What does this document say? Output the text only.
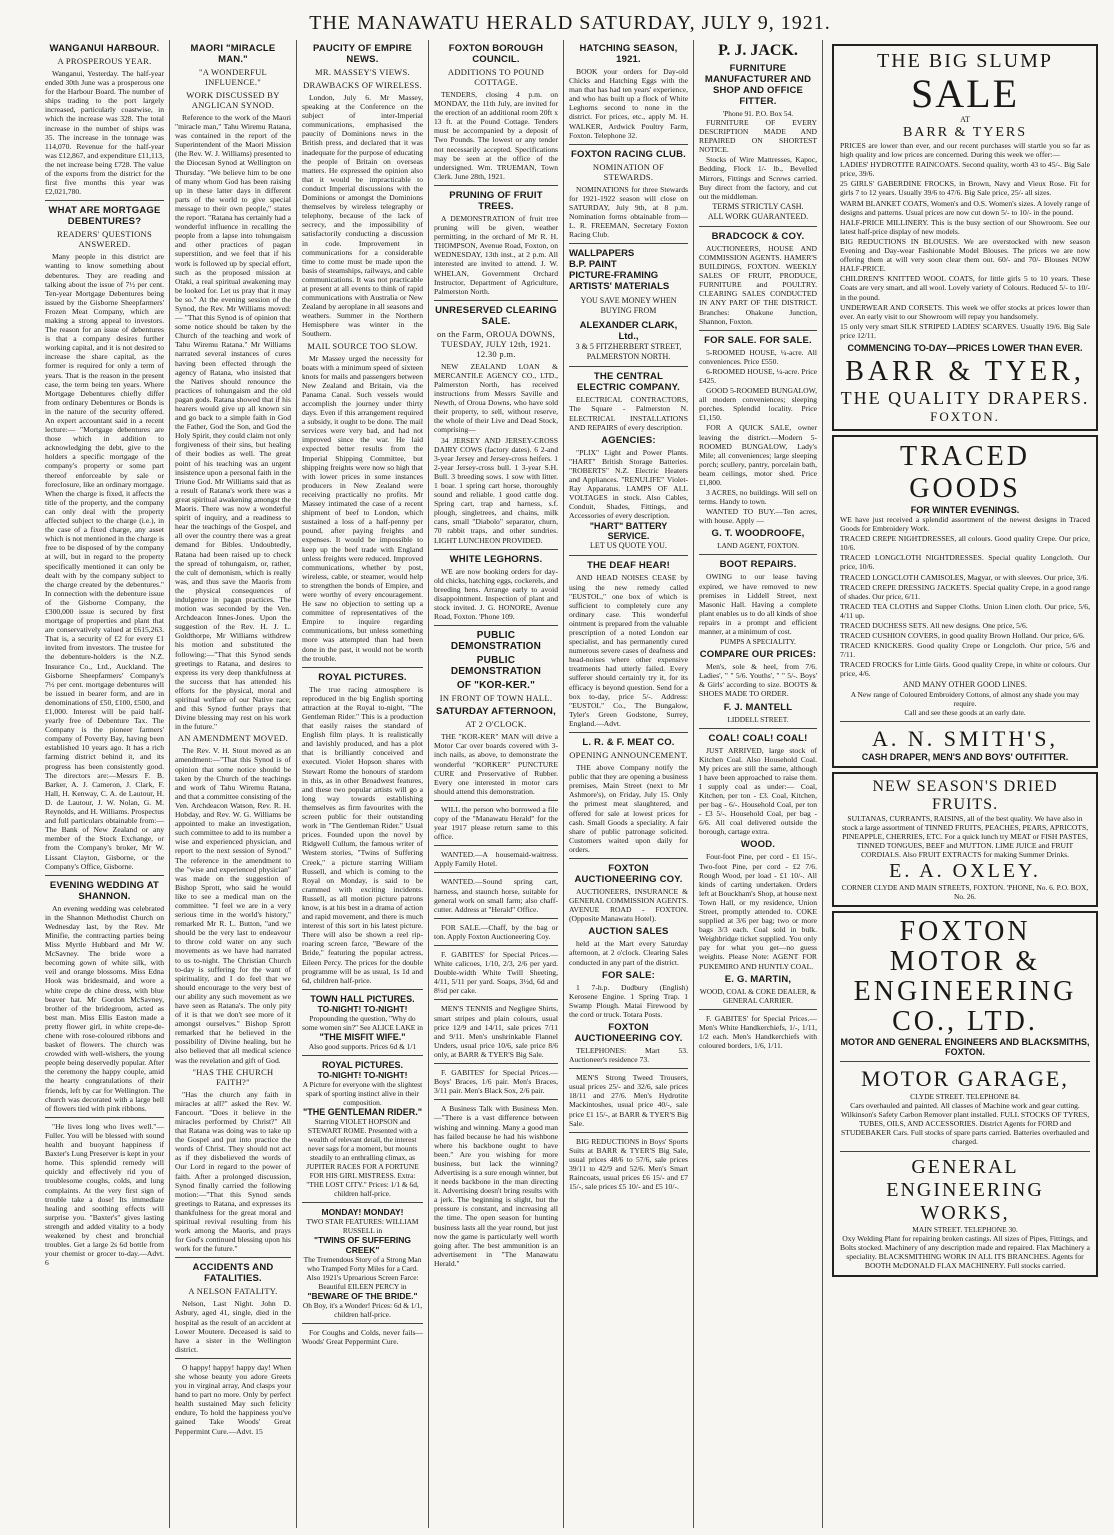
THE MANAWATU HERALD SATURDAY, JULY 9, 1921.
WANGANUI HARBOUR.
A PROSPEROUS YEAR.

Wanganui, Yesterday. The half-year ended 30th June was a prosperous one for the Harbour Board. The number of ships trading to the port largely increased, particularly coastwise, in which the increase was 328. The total increase in the number of ships was 35. The increase in the tonnage was 114,070. Revenue for the half-year was £12,867, and expenditure £11,113, the net increase being £728. The value of the exports from the district for the first five months this year was £2,021,780.

WHAT ARE MORTGAGE DEBENTURES?
READERS' QUESTIONS ANSWERED.

Many people in this district are wanting to know something about debentures. They are reading and talking about the issue of 7½ per cent. Ten-year Mortgage Debentures being issued by the Gisborne Sheepfarmers' Frozen Meat Company, which are making a strong appeal to investors. The reason for an issue of debentures is that a company desires further working capital, and it is not desired to increase the share capital, as the former is required for only a term of years. That is the reason in the present case, the term being ten years. Where Mortgage Debentures chiefly differ from ordinary Debentures or Bonds is in the nature of the security offered. An expert accountant said in a recent lecture:— "Mortgage debentures are those which in addition to acknowledging the debt, give to the holders a specific mortgage of the company's property or some part thereof enforceable by sale or foreclosure, like an ordinary mortgage. When the charge is fixed, it affects the title of the property, and the company can only deal with the property affected subject to the charge (i.e.), in the case of a fixed charge, any asset which is not mentioned in the charge is free to be disposed of by the company at will, but in regard to the property specifically mentioned it can only be dealt with by the company subject to the charge created by the debentures." In connection with the debenture issue of the Gisborne Company, the £300,000 issue is secured by first mortgage of properties and plant that are conservatively valued at £615,263. That is, a security of £2 for every £1 invited from investors. The trustee for the debenture-holders is the N.Z. Insurance Co., Ltd., Auckland. The Gisborne Sheepfarmers' Company's 7½ per cent. mortgage debentures will be issued in bearer form, and are in denominations of £50, £100, £500, and £1,000. Interest will be paid half-yearly free of Debenture Tax. The Company is the pioneer farmers' company of Poverty Bay, having been established 10 years ago. It has a rich farming district behind it, and its progress has been consistently good. The directors are:—Messrs F. B. Barker, A. J. Cameron, J. Clark, F. Hall, H. Kenway, C. A. de Lautour, H. D. de Lautour, J. W. Nolan, G. M. Reynolds, and H. Williams. Prospectus and full particulars obtainable from:—The Bank of New Zealand or any member of the Stock Exchange, or from the Company's broker, Mr W. Lissant Clayton, Gisborne, or the Company's Office, Gisborne.

EVENING WEDDING AT SHANNON.

An evening wedding was celebrated in the Shannon Methodist Church on Wednesday last, by the Rev. Mr Minifie, the contracting parties being Miss Myrtle Hubbard and Mr W. McSavney. The bride wore a becoming gown of white silk, with veil and orange blossoms. Miss Edna Hook was bridesmaid, and wore a white crepe de chine dress, with blue beaver hat. Mr Gordon McSavney, brother of the bridegroom, acted as best man. Miss Ellis Easton made a pretty flower girl, in white crepe-de-chene with rose-coloured ribbons and basket of flowers. The church was crowded with well-wishers, the young people being deservedly popular. After the ceremony the happy couple, amid the hearty congratulations of their friends, left by car for Wellington. The church was decorated with a large bell of flowers tied with pink ribbons.

"He lives long who lives well."—Fuller. You will be blessed with sound health and buoyant happiness if Baxter's Lung Preserver is kept in your home. This splendid remedy will quickly and effectively rid you of troublesome coughs, colds, and lung complaints. At the very first sign of trouble take a dose! Its immediate healing and soothing effects will surprise you. "Baxter's" gives lasting strength and added vitality to a body weakened by chest and bronchial troubles. Get a large 2s 6d bottle from your chemist or grocer to-day.—Advt. 6

MAORI "MIRACLE MAN."
"A WONDERFUL INFLUENCE."
WORK DISCUSSED BY ANGLICAN SYNOD.

Reference to the work of the Maori "miracle man," Tahu Wiremu Ratana, was contained in the report of the Superintendent of the Maori Mission (the Rev. W. J. Williams) presented to the Diocesan Synod at Wellington on Thursday. "We believe him to be one of many whom God has been raising up in these latter days in different parts of the world to give special message to their own people," states the report. "Ratana has certainly had a wonderful influence in recalling the people from a lapse into tohungaism and other practices of pagan superstition, and we feel that if his work is followed up by special effort, such as the proposed mission at Otaki, a real spiritual awakening may be looked for. Let us pray that it may be so." At the evening session of the Synod, the Rev. Mr Williams moved:— "That this Synod is of opinion that some notice should be taken by the Church of the teaching and work of Tahu Wiremu Ratana." Mr Williams narrated several instances of cures having been effected through the agency of Ratana, who insisted that the Natives should renounce the practices of tohungaism and the old pagan gods. Ratana showed that if his hearers would give up all known sin and go back to a simple faith in God the Father, God the Son, and God the Holy Spirit, they could claim not only forgiveness of their sins, but healing of their bodies as well. The great point of his teaching was an urgent insistence upon a personal faith in the Triune God. Mr Williams said that as a result of Ratana's work there was a great spiritual awakening amongst the Maoris. There was now a wonderful spirit of inquiry, and a readiness to hear the teachings of the Gospel, and all over the country there was a great demand for Bibles. Undoubtedly, Ratana had been raised up to check the spread of tohungaism, or, rather, the cult of demonism, which is really was, and thus save the Maoris from the physical consequences of indulgence in pagan practices. The motion was seconded by the Ven. Archdeacon Innes-Jones. Upon the suggestion of the Rev. H. J. L. Goldthorpe, Mr Williams withdrew his motion and substituted the following:—"That this Synod sends greetings to Ratana, and desires to express its very deep thankfulness at the success that has attended his efforts for the physical, moral and spiritual welfare of our Native race; and this Synod further prays that Divine blessing may rest on his work in the future."

AN AMENDMENT MOVED.

The Rev. V. H. Stout moved as an amendment:—"That this Synod is of opinion that some notice should be taken by the Church of the teachings and work of Tahu Wiremu Ratana, and that a committee consisting of the Ven. Archdeacon Watson, Rev. R. H. Hobday, and Rev. W. G. Williams be appointed to make an investigation, such committee to add to its number a wise and experienced physician, and report to the next session of Synod." The reference in the amendment to the "wise and experienced physician" was made on the suggestion of Bishop Sprott, who said he would like to see a medical man on the committee. "I feel we are in a very serious time in the world's history," remarked Mr R. L. Button, "and we should be the very last to endeavour to throw cold water on any such movements as we have had narrated to us to-night. The Christian Church to-day is suffering for the want of spirituality, and I do feel that we should encourage to the very best of our ability any such movement as we have seen as Ratana's. The only pity of it is that we don't see more of it amongst ourselves." Bishop Sprott remarked that he believed in the possibility of Divine healing, but he also believed that all medical science was the revelation and gift of God.

"HAS THE CHURCH FAITH?"

"Has the church any faith in miracles at all?" asked the Rev. W. Fancourt. "Does it believe in the miracles performed by Christ?" All that Ratana was doing was to take up the Gospel and put into practice the words of Christ. They should not act as if they disbelieved the words of Our Lord in regard to the power of faith. After a prolonged discussion, Synod finally carried the following motion:—"That this Synod sends greetings to Ratana, and expresses its thankfulness for the great moral and spiritual revival resulting from his work among the Maoris, and prays for God's continued blessing upon his work for the future."

ACCIDENTS AND FATALITIES.
A NELSON FATALITY.

Nelson, Last Night. John D. Asbury, aged 41, single, died in the hospital as the result of an accident at Lower Moutere. Deceased is said to have a sister in the Wellington district.

O happy! happy! happy day! When she whose beauty you adore Greets you in virginal array, And clasps your hand to part no more. Only by perfect health sustained May such felicity endure, To hold the happiness you've gained Take Woods' Great Peppermint Cure.—Advt. 15

PAUCITY OF EMPIRE NEWS.
MR. MASSEY'S VIEWS.
DRAWBACKS OF WIRELESS.

London, July 6. Mr Massey, speaking at the Conference on the subject of inter-Imperial communications, emphasised the paucity of Dominions news in the British press, and declared that it was inadequate for the purpose of educating the people of Britain on overseas matters. He expressed the opinion also that it would be impracticable to conduct Imperial discussions with the Dominions or amongst the Dominions themselves by wireless telegraphy or telephony, because of the lack of secrecy, and the impossibility of satisfactorily conducting a discussion in code. Improvement in communications for a considerable time to come must be made upon the basis of steamships, railways, and cable communications. It was not practicable at present at all events to think of rapid communications with Australia or New Zealand by aeroplane in all seasons and weathers. Summer in the Northern Hemisphere was winter in the Southern.

MAIL SOURCE TOO SLOW.

Mr Massey urged the necessity for boats with a minimum speed of sixteen knots for mails and passengers between New Zealand and Britain, via the Panama Canal. Such vessels would accomplish the journey under thirty days. Even if this arrangement required a subsidy, it ought to be done. The mail services were very bad, and had not improved since the war. He laid expected better results from the Imperial Shipping Committee, but shipping freights were now so high that with lower prices in some instances producers in New Zealand were receiving practically no profits. Mr Massey intimated the case of a recent shipment of beef to London, which sustained a loss of a half-penny per pound, after paying freights and expenses. It would be impossible to keep up the beef trade with England unless freights were reduced. Improved communications, whether by post, wireless, cable, or steamer, would help to strengthen the bonds of Empire, and were worthy of every encouragement. He saw no objection to setting up a committee of representatives of the Empire to inquire regarding communications, but unless something more was attempted than had been done in the past, it would not be worth the trouble.

ROYAL PICTURES.

The true racing atmosphere is reproduced in the big English sporting attraction at the Royal to-night, "The Gentleman Rider." This is a production that easily raises the standard of English film plays. It is realistically and lavishly produced, and has a plot that is brilliantly conceived and executed. Violet Hopson shares with Stewart Rome the honours of stardom in this, as in other Broadwest features, and these two popular artists will go a long way towards establishing themselves as firm favourites with the screen public for their outstanding work in "The Gentleman Rider." Usual prices. Founded upon the novel by Ridgwell Cullum, the famous writer of Western stories, "Twins of Suffering Creek," a picture starring William Russell, and which is coming to the Royal on Monday, is said to be crammed with exciting incidents. Russell, as all motion picture patrons know, is at his best in a drama of action and rapid movement, and there is much interest of this sort in his latest picture. There will also be shown a reel rip-roaring screen farce, "Beware of the Bride," featuring the popular actress, Eileen Percy. The prices for the double programme will be as usual, 1s 1d and 6d, children half-price.

TOWN HALL PICTURES.
TO-NIGHT! TO-NIGHT!
Propounding the question, "Why do some women sin?" See ALICE LAKE in
"THE MISFIT WIFE."
Also good supports. Prices 6d & 1/1
ROYAL PICTURES.
TO-NIGHT! TO-NIGHT!
A Picture for everyone with the slightest spark of sporting instinct alive in their composition.
"THE GENTLEMAN RIDER."
Starring VIOLET HOPSON and STEWART ROME. Presented with a wealth of relevant detail, the interest never sags for a moment, but mounts steadily to an enthralling climax, as JUPITER RACES FOR A FORTUNE FOR HIS GIRL MISTRESS. Extra: "THE LOST CITY." Prices: 1/1 & 6d, children half-price.
MONDAY! MONDAY!
TWO STAR FEATURES: WILLIAM RUSSELL in
"TWINS OF SUFFERING CREEK"
The Tremendous Story of a Strong Man who Tramped Forty Miles for a Card. Also 1921's Uproarious Screen Farce: Beautiful EILEEN PERCY in
"BEWARE OF THE BRIDE."
Oh Boy, it's a Wonder! Prices: 6d & 1/1, children half-price.

For Coughs and Colds, never fails—Woods' Great Peppermint Cure.

FOXTON BOROUGH COUNCIL.
ADDITIONS TO POUND COTTAGE.

TENDERS, closing 4 p.m. on MONDAY, the 11th July, are invited for the erection of an additional room 20ft x 13 ft. at the Pound Cottage. Tenders must be accompanied by a deposit of Two Pounds. The lowest or any tender not necessarily accepted. Specifications may be seen at the office of the undersigned. Wm. TRUEMAN, Town Clerk. June 28th, 1921.

PRUNING OF FRUIT TREES.

A DEMONSTRATION of fruit tree pruning will be given, weather permitting, in the orchard of Mr R. H. THOMPSON, Avenue Road, Foxton, on WEDNESDAY, 13th inst., at 2 p.m. All interested are invited to attend. J. W. WHELAN, Government Orchard Instructor, Department of Agriculture, Palmerston North.

UNRESERVED CLEARING SALE.
on the Farm, OROUA DOWNS, TUESDAY, JULY 12th, 1921. 12.30 p.m.

NEW ZEALAND LOAN & MERCANTILE AGENCY CO., LTD., Palmerston North, has received instructions from Messrs Saville and Newth, of Oroua Downs, who have sold their property, to sell, without reserve, the whole of their Live and Dead Stock, comprising—

34 JERSEY AND JERSEY-CROSS DAIRY COWS (factory dates). 6 2-and 3-year Jersey and Jersey-cross heifers. 1 2-year Jersey-cross bull. 1 3-year S.H. Bull. 3 breeding sows. 1 sow with litter. 1 boar. 1 spring cart horse, thoroughly sound and reliable. 1 good cattle dog. Spring cart, trap and harness, s.f. plough, singletrees, and chains, milk cans, small "Diabolo" separator, churn, 70 rabbit traps, and other sundries. LIGHT LUNCHEON PROVIDED.

WHITE LEGHORNS.

WE are now booking orders for day-old chicks, hatching eggs, cockerels, and breeding hens. Arrange early to avoid disappointment. Inspection of plant and stock invited. J. G. HONORE, Avenue Road, Foxton. 'Phone 109.

PUBLIC DEMONSTRATION
PUBLIC DEMONSTRATION
OF "KOR-KER."
IN FRONT OF TOWN HALL.
SATURDAY AFTERNOON,
AT 2 O'CLOCK.

THE "KOR-KER" MAN will drive a Motor Car over boards covered with 3-inch nails, as above, to demonstrate the wonderful "KORKER" PUNCTURE CURE and Preservative of Rubber. Every one interested in motor cars should attend this demonstration.

WILL the person who borrowed a file copy of the "Manawatu Herald" for the year 1917 please return same to this office.

WANTED.—A housemaid-waitress. Apply Family Hotel.

WANTED.—Sound spring cart, harness, and staunch horse, suitable for general work on small farm; also chaff-cutter. Address at "Herald" Office.

FOR SALE.—Chaff, by the bag or ton. Apply Foxton Auctioneering Coy.

F. GABITES' for Special Prices.—White calicoes, 1/10, 2/3, 2/6 per yard. Double-width White Twill Sheeting, 4/11, 5/11 per yard. Soaps, 3½d, 6d and 8½d per cake.

MEN'S TENNIS and Negligee Shirts, smart stripes and plain colours, usual price 12/9 and 14/11, sale prices 7/11 and 9/11. Men's unshrinkable Flannel Unders, usual price 10/6, sale price 8/6 only, at BARR & TYER'S Big Sale.

F. GABITES' for Special Prices.—Boys' Braces, 1/6 pair. Men's Braces, 3/11 pair. Men's Black Sox, 2/6 pair.

A Business Talk with Business Men.—"There is a vast difference between wishing and winning. Many a good man has failed because he had his wishbone where his backbone ought to have been." Are you wishing for more business, but lack the winning? Advertising is a sure enough winner, but it needs backbone in the man directing it. Advertising doesn't bring results with a jerk. The beginning is slight, but the pressure is constant, and increasing all the time. The open season for hunting business lasts all the year round, but just now the game is particularly well worth going after. The best ammunition is an advertisement in "The Manawatu Herald."

HATCHING SEASON, 1921.

BOOK your orders for Day-old Chicks and Hatching Eggs with the man that has had ten years' experience, and who has built up a flock of White Leghorns second to none in the district. For prices, etc., apply M. H. WALKER, Ardwick Poultry Farm, Foxton. Telephone 32.

FOXTON RACING CLUB.
NOMINATION OF STEWARDS.

NOMINATIONS for three Stewards for 1921-1922 season will close on SATURDAY, July 9th, at 8 p.m. Nomination forms obtainable from— L. R. FREEMAN, Secretary Foxton Racing Club.

WALLPAPERS
B.P. PAINT
PICTURE-FRAMING
ARTISTS' MATERIALS
YOU SAVE MONEY WHEN BUYING FROM
ALEXANDER CLARK, Ltd.,
3 & 5 FITZHERBERT STREET, PALMERSTON NORTH.
THE CENTRAL ELECTRIC COMPANY.

ELECTRICAL CONTRACTORS, The Square - Palmerston N. ELECTRICAL INSTALLATIONS AND REPAIRS of every description.

AGENCIES:

"PLIX" Light and Power Plants. "HART" British Storage Batteries. "ROBERTS" N.Z. Electric Heaters and Appliances. "RENULIFE" Violet-Ray Apparatus. LAMPS OF ALL VOLTAGES in stock. Also Cables, Conduit, Shades, Fittings, and Accessories of every description.

"HART" BATTERY SERVICE.
LET US QUOTE YOU.
THE DEAF HEAR!

AND HEAD NOISES CEASE by using the new remedy called "EUSTOL," one box of which is sufficient to completely cure any ordinary case. This wonderful ointment is prepared from the valuable prescription of a noted London ear specialist, and has permanently cured numerous severe cases of deafness and head-noises where other expensive treatments had utterly failed. Every sufferer should certainly try it, for its efficacy is beyond question. Send for a box to-day, price 5/-. Address: "EUSTOL" Co., The Bungalow, Tyler's Green Godstone, Surrey, England.—Advt.

L. R. & F. MEAT CO.
OPENING ANNOUNCEMENT.

THE above Company notify the public that they are opening a business premises, Main Street (next to Mr Ashmore's), on Friday, July 15. Only the primest meat slaughtered, and offered for sale at lowest prices for cash. Small Goods a speciality. A fair share of public patronage solicited. Customers waited upon daily for orders.

FOXTON AUCTIONEERING COY.

AUCTIONEERS, INSURANCE & GENERAL COMMISSION AGENTS. AVENUE ROAD - FOXTON. (Opposite Manawatu Hotel).

AUCTION SALES

held at the Mart every Saturday afternoon, at 2 o'clock. Clearing Sales conducted in any part of the district.

FOR SALE:

1 7-h.p. Dudbury (English) Kerosene Engine. 1 Spring Trap. 1 Swamp Plough. Matai Firewood by the cord or truck. Totara Posts.

FOXTON AUCTIONEERING COY.

TELEPHONES: Mart 53. Auctioneer's residence 73.

MEN'S Strong Tweed Trousers, usual prices 25/- and 32/6, sale prices 18/11 and 27/6. Men's Hydrotite Mackintoshes, usual price 40/-, sale price £1 15/-, at BARR & TYER'S Big Sale.

BIG REDUCTIONS in Boys' Sports Suits at BARR & TYER'S Big Sale, usual prices 48/6 to 57/6, sale prices 39/11 to 42/9 and 52/6. Men's Smart Raincoats, usual prices £6 15/- and £7 15/-, sale prices £5 10/- and £5 10/-.

P. J. JACK.
FURNITURE MANUFACTURER AND SHOP AND OFFICE FITTER.
'Phone 91. P.O. Box 54.

FURNITURE OF EVERY DESCRIPTION MADE AND REPAIRED ON SHORTEST NOTICE.

Stocks of Wire Mattresses, Kapoc, Bedding, Flock 1/- lb., Bevelled Mirrors, Fittings and Screws carried. Buy direct from the factory, and cut out the middleman.

TERMS STRICTLY CASH.
ALL WORK GUARANTEED.
BRADCOCK & COY.

AUCTIONEERS, HOUSE AND COMMISSION AGENTS. HAMER'S BUILDINGS, FOXTON. WEEKLY SALES OF FRUIT, PRODUCE, FURNITURE and POULTRY. CLEARING SALES CONDUCTED IN ANY PART OF THE DISTRICT. Branches: Ohakune Junction, Shannon, Foxton.

FOR SALE. FOR SALE.

5-ROOMED HOUSE, ¼-acre. All conveniences. Price £550.

6-ROOMED HOUSE, ¼-acre. Price £425.

GOOD 5-ROOMED BUNGALOW, all modern conveniences; sleeping porches. Splendid locality. Price £1,150.

FOR A QUICK SALE, owner leaving the district.—Modern 5-ROOMED BUNGALOW, Lady's Mile; all conveniences; large sleeping porch; scullery, pantry, porcelain bath, beam ceilings, motor shed. Price £1,800.

3 ACRES, no buildings. Will sell on terms. Handy to town.

WANTED TO BUY.—Ten acres, with house. Apply —

G. T. WOODROOFE,
LAND AGENT, FOXTON.
BOOT REPAIRS.

OWING to our lease having expired, we have removed to new premises in Liddell Street, next Masonic Hall. Having a complete plant enables us to do all kinds of shoe repairs in a prompt and efficient manner, at a minimum of cost.

PUMPS A SPECIALITY.
COMPARE OUR PRICES:

Men's, sole & heel, from 7/6. Ladies', " " 5/6. Youths', " " 5/-. Boys' & Girls' according to size. BOOTS & SHOES MADE TO ORDER.

F. J. MANTELL
LIDDELL STREET.
COAL! COAL! COAL!

JUST ARRIVED, large stock of Kitchen Coal. Also Household Coal. My prices are still the same, although I have been approached to raise them. I supply coal as under:— Coal, Kitchen, per ton - £3. Coal, Kitchen, per bag - 6/-. Household Coal, per ton - £3 5/-. Household Coal, per bag - 6/6. All coal delivered outside the borough, cartage extra.

WOOD.

Four-foot Pine, per cord - £1 15/-. Two-foot Pine, per cord - £2 7/6. Rough Wood, per load - £1 10/-. All kinds of carting undertaken. Orders left at Bouckham's Shop, at house next Town Hall, or my residence, Union Street, promptly attended to. COKE supplied at 3/6 per bag; two or more bags 3/3 each. Coal sold in bulk. Weighbridge ticket supplied. You only pay for what you get—no guess weights. Please Note: AGENT FOR PUKEMIRO AND HUNTLY COAL.

E. G. MARTIN,
WOOD, COAL & COKE DEALER, & GENERAL CARRIER.

F. GABITES' for Special Prices.—Men's White Handkerchiefs, 1/-, 1/11, 1/2 each. Men's Handkerchiefs with coloured borders, 1/6, 1/11.

THE BIG SLUMP
SALE
AT
BARR & TYERS

PRICES are lower than ever, and our recent purchases will startle you so far as high quality and low prices are concerned. During this week we offer:—

LADIES' HYDROTITE RAINCOATS. Second quality, worth 43 to 45/-. Big Sale price, 39/6.

25 GIRLS' GABERDINE FROCKS, in Brown, Navy and Vieux Rose. Fit for girls 7 to 12 years. Usually 39/6 to 47/6. Big Sale price, 25/- all sizes.

WARM BLANKET COATS, Women's and O.S. Women's sizes. A lovely range of designs and patterns. Usual prices are now cut down 5/- to 10/- in the pound.

HALF-PRICE MILLINERY. This is the busy section of our Showroom. See our latest half-price display of new models.

BIG REDUCTIONS IN BLOUSES. We are overstocked with new season Evening and Day-wear Fashionable Model Blouses. The prices we are now offering them at will very soon clear them out. 60/- and 70/- Blouses NOW HALF-PRICE.

CHILDREN'S KNITTED WOOL COATS, for little girls 5 to 10 years. These Coats are very smart, and all wool. Lovely variety of Colours. Reduced 5/- to 10/- in the pound.

UNDERWEAR AND CORSETS. This week we offer stocks at prices lower than ever. An early visit to our Showroom will repay you handsomely.

15 only very smart SILK STRIPED LADIES' SCARVES. Usually 19/6. Big Sale price 12/11.

COMMENCING TO-DAY—PRICES LOWER THAN EVER.
BARR & TYER,
THE QUALITY DRAPERS.
FOXTON.
TRACED GOODS
FOR WINTER EVENINGS.

WE have just received a splendid assortment of the newest designs in Traced Goods for Embroidery Work.

TRACED CREPE NIGHTDRESSES, all colours. Good quality Crepe. Our price, 10/6.

TRACED LONGCLOTH NIGHTDRESSES. Special quality Longcloth. Our price, 10/6.

TRACED LONGCLOTH CAMISOLES, Magyar, or with sleeves. Our price, 3/6.

TRACED CREPE DRESSING JACKETS. Special quality Crepe, in a good range of shades. Our price, 6/11.

TRACED TEA CLOTHS and Supper Cloths. Union Linen cloth. Our price, 5/6, 4/11 up.

TRACED DUCHESS SETS. All new designs. One price, 5/6.

TRACED CUSHION COVERS, in good quality Brown Holland. Our price, 6/6.

TRACED KNICKERS. Good quality Crepe or Longcloth. Our price, 5/6 and 7/11.

TRACED FROCKS for Little Girls. Good quality Crepe, in white or colours. Our price, 4/6.

AND MANY OTHER GOOD LINES.
A New range of Coloured Embroidery Cottons, of almost any shade you may require.
Call and see these goods at an early date.
A. N. SMITH'S,
CASH DRAPER, MEN'S AND BOYS' OUTFITTER.
NEW SEASON'S DRIED FRUITS.

SULTANAS, CURRANTS, RAISINS, all of the best quality. We have also in stock a large assortment of TINNED FRUITS, PEACHES, PEARS, APRICOTS, PINEAPPLE, CHERRIES, ETC. For a quick lunch try MEAT or FISH PASTES, TINNED TONGUES, BEEF and MUTTON. LIME JUICE and FRUIT CORDIALS. Also FRUIT EXTRACTS for making Summer Drinks.

E. A. OXLEY.
CORNER CLYDE AND MAIN STREETS, FOXTON. 'PHONE, No. 6. P.O. BOX, No. 26.
FOXTON MOTOR &
ENGINEERING
CO., LTD.
MOTOR AND GENERAL ENGINEERS AND BLACKSMITHS, FOXTON.
MOTOR GARAGE,
CLYDE STREET. TELEPHONE 84.

Cars overhauled and painted. All classes of Machine work and gear cutting. Wilkinson's Safety Carbon Remover plant installed. FULL STOCKS OF TYRES, TUBES, OILS, AND ACCESSORIES. District Agents for FORD and STUDEBAKER Cars. Full stocks of spare parts carried. Batteries overhauled and charged.

GENERAL ENGINEERING WORKS,
MAIN STREET. TELEPHONE 30.

Oxy Welding Plant for repairing broken castings. All sizes of Pipes, Fittings, and Bolts stocked. Machinery of any description made and repaired. Flax Machinery a speciality. BLACKSMITHING WORK IN ALL ITS BRANCHES. Agents for BOOTH McDONALD FLAX MACHINERY. Full stocks carried.
